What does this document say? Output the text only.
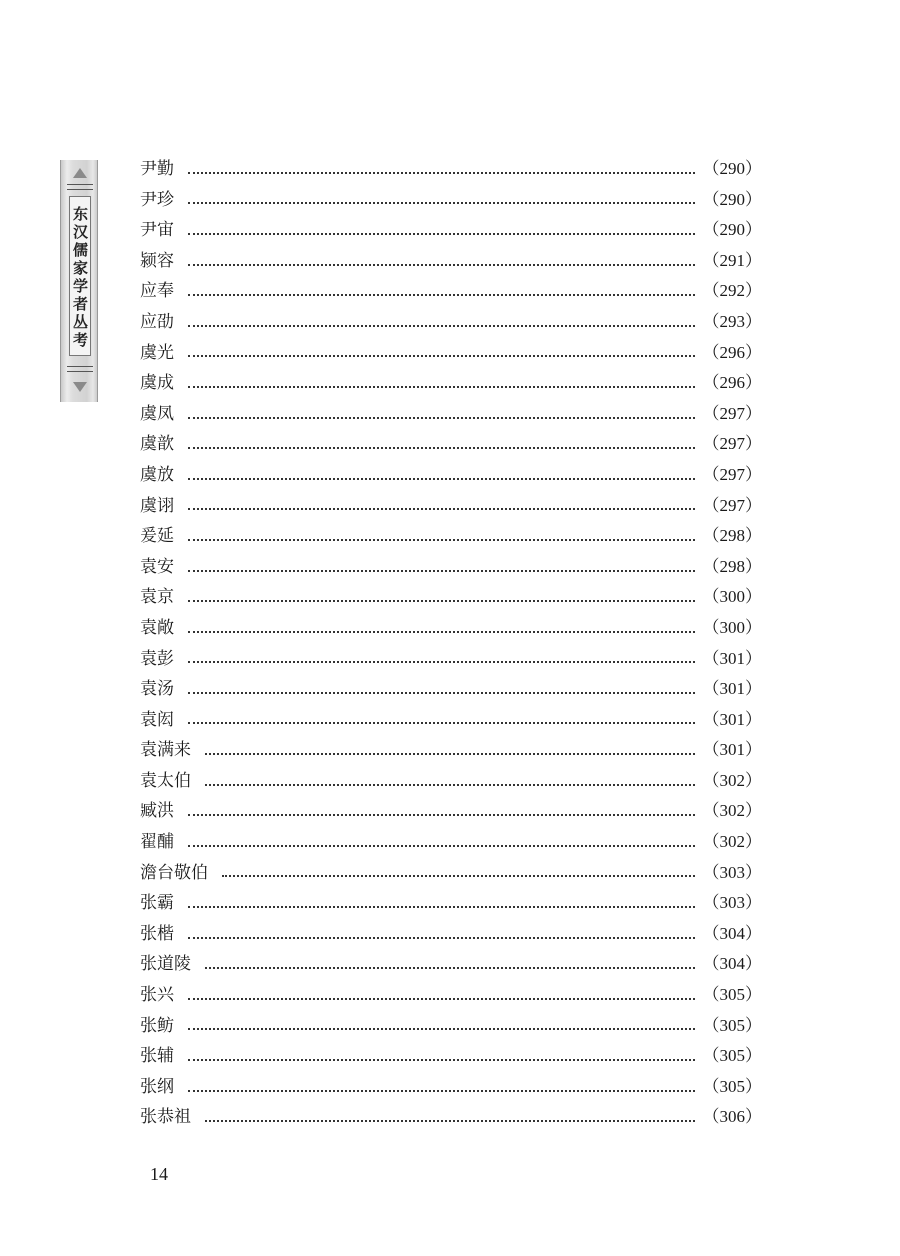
东汉儒家学者丛考
尹勤	（290）
尹珍	（290）
尹宙	（290）
颍容	（291）
应奉	（292）
应劭	（293）
虞光	（296）
虞成	（296）
虞凤	（297）
虞歆	（297）
虞放	（297）
虞诩	（297）
爰延	（298）
袁安	（298）
袁京	（300）
袁敞	（300）
袁彭	（301）
袁汤	（301）
袁闳	（301）
袁满来	（301）
袁太伯	（302）
臧洪	（302）
翟酺	（302）
澹台敬伯	（303）
张霸	（303）
张楷	（304）
张道陵	（304）
张兴	（305）
张鲂	（305）
张辅	（305）
张纲	（305）
张恭祖	（306）
14
